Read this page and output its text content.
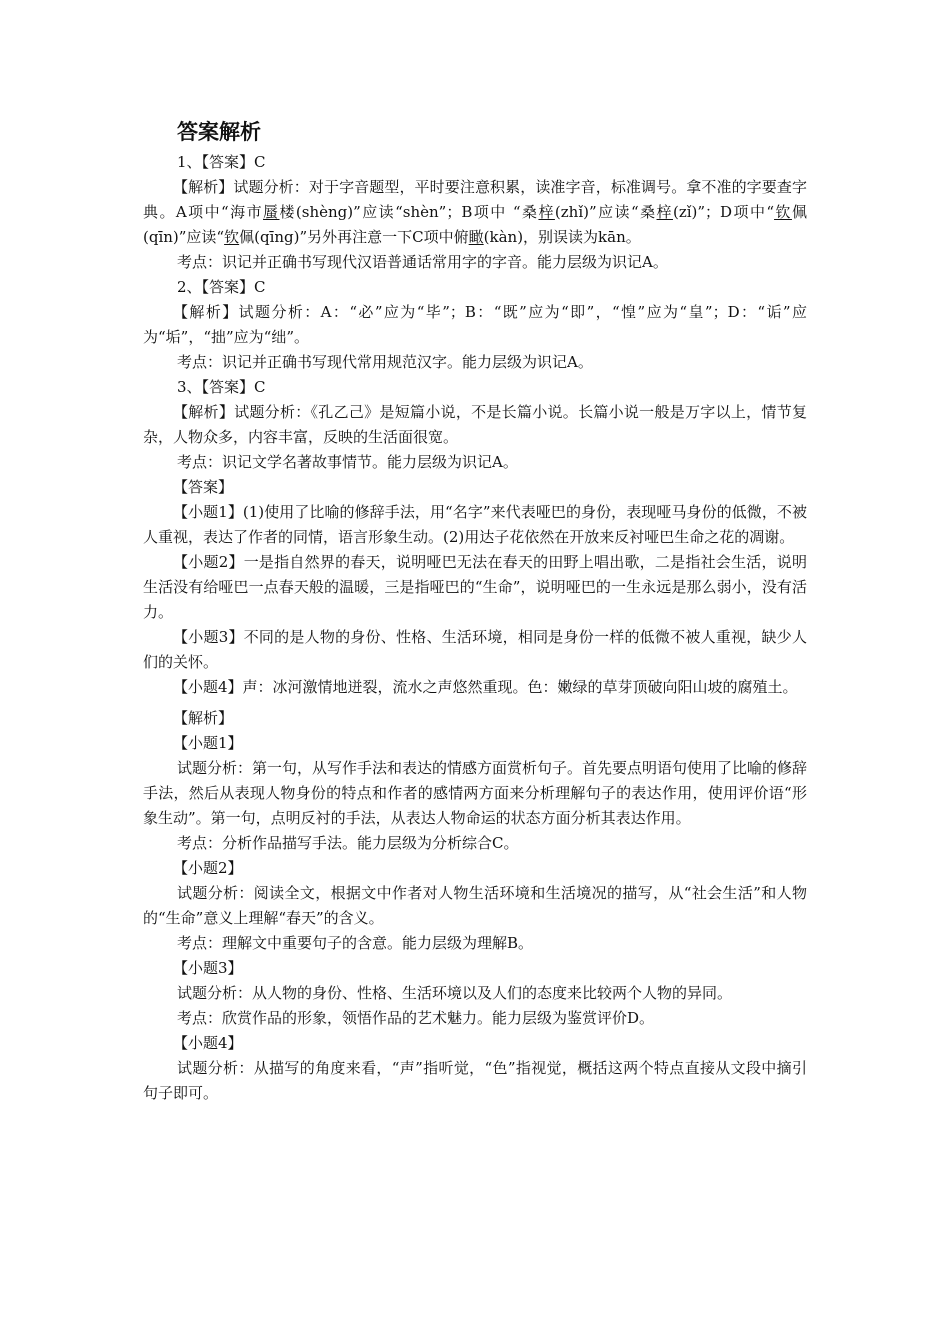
答案解析

1、【答案】C

【解析】试题分析：对于字音题型，平时要注意积累，读准字音，标准调号。拿不准的字要查字典。A项中“海市蜃楼(shèng)”应读“shèn”；B项中 “桑梓(zhǐ)”应读“桑梓(zǐ)”；D项中“钦佩(qīn)”应读“钦佩(qīng)”另外再注意一下C项中俯瞰(kàn)，别误读为kān。

考点：识记并正确书写现代汉语普通话常用字的字音。能力层级为识记A。

2、【答案】C

【解析】试题分析：A：“必”应为“毕”；B：“既”应为“即”，“惶”应为“皇”；D：“诟”应为“垢”，“拙”应为“绌”。

考点：识记并正确书写现代常用规范汉字。能力层级为识记A。

3、【答案】C

【解析】试题分析：《孔乙己》是短篇小说，不是长篇小说。长篇小说一般是万字以上，情节复杂，人物众多，内容丰富，反映的生活面很宽。

考点：识记文学名著故事情节。能力层级为识记A。

【答案】

【小题1】(1)使用了比喻的修辞手法，用“名字”来代表哑巴的身份，表现哑马身份的低微，不被人重视，表达了作者的同情，语言形象生动。(2)用达子花依然在开放来反衬哑巴生命之花的凋谢。

【小题2】一是指自然界的春天，说明哑巴无法在春天的田野上唱出歌，二是指社会生活，说明生活没有给哑巴一点春天般的温暖，三是指哑巴的“生命”，说明哑巴的一生永远是那么弱小，没有活力。

【小题3】不同的是人物的身份、性格、生活环境，相同是身份一样的低微不被人重视，缺少人们的关怀。

【小题4】声：冰河激情地迸裂，流水之声悠然重现。色：嫩绿的草芽顶破向阳山坡的腐殖土。

【解析】

【小题1】

试题分析：第一句，从写作手法和表达的情感方面赏析句子。首先要点明语句使用了比喻的修辞手法，然后从表现人物身份的特点和作者的感情两方面来分析理解句子的表达作用，使用评价语“形象生动”。第一句，点明反衬的手法，从表达人物命运的状态方面分析其表达作用。

考点：分析作品描写手法。能力层级为分析综合C。

【小题2】

试题分析：阅读全文，根据文中作者对人物生活环境和生活境况的描写，从“社会生活”和人物的“生命”意义上理解“春天”的含义。

考点：理解文中重要句子的含意。能力层级为理解B。

【小题3】

试题分析：从人物的身份、性格、生活环境以及人们的态度来比较两个人物的异同。

考点：欣赏作品的形象，领悟作品的艺术魅力。能力层级为鉴赏评价D。

【小题4】

试题分析：从描写的角度来看，“声”指听觉，“色”指视觉，概括这两个特点直接从文段中摘引句子即可。
